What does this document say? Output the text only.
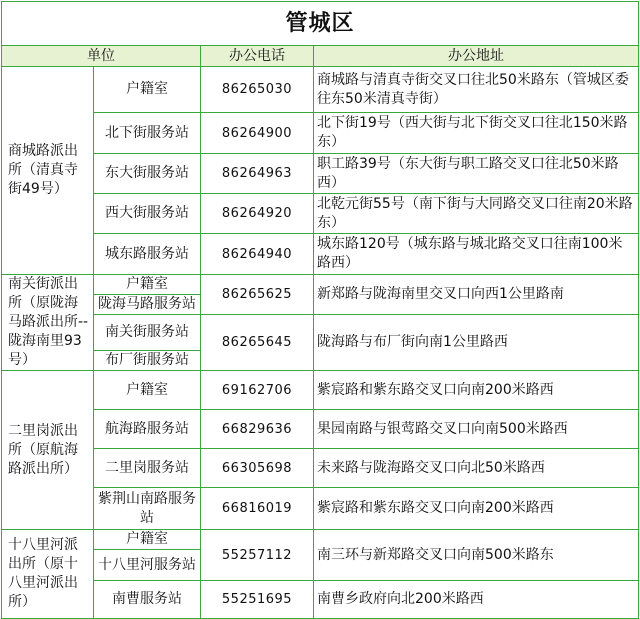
管城区			
单位		办公电话	办公地址
商城路派出所（清真寺街49号）	户籍室	86265030	商城路与清真寺街交叉口往北50米路东（管城区委往东50米清真寺街）
	北下街服务站	86264900	北下街19号（西大街与北下街交叉口往北150米路东）
	东大街服务站	86264963	职工路39号（东大街与职工路交叉口往北50米路西）
	西大街服务站	86264920	北乾元街55号（南下街与大同路交叉口往南20米路东）
	城东路服务站	86264940	城东路120号（城东路与城北路交叉口往南100米路西）
南关街派出所（原陇海马路派出所--陇海南里93号）	户籍室	86265625	新郑路与陇海南里交叉口向西1公里路南
	陇海马路服务站		
	南关街服务站	86265645	陇海路与布厂街向南1公里路西
	布厂街服务站		
二里岗派出所（原航海路派出所）	户籍室	69162706	紫宸路和紫东路交叉口向南200米路西
	航海路服务站	66829636	果园南路与银莺路交叉口向南500米路西
	二里岗服务站	66305698	未来路与陇海路交叉口向北50米路西
	紫荆山南路服务站	66816019	紫宸路和紫东路交叉口向南200米路西
十八里河派出所（原十八里河派出所）	户籍室	55257112	南三环与新郑路交叉口向南500米路东
	十八里河服务站		
	南曹服务站	55251695	南曹乡政府向北200米路西
